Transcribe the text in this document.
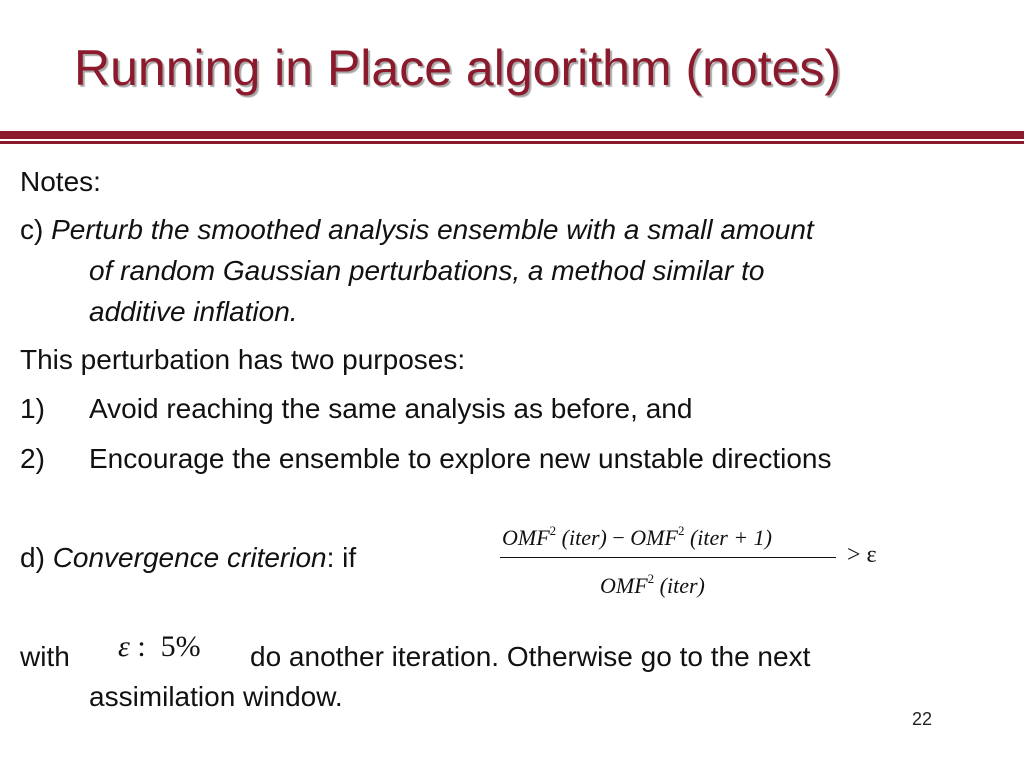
Running in Place algorithm (notes)
Notes:
c) Perturb the smoothed analysis ensemble with a small amount
of random Gaussian perturbations, a method similar to
additive inflation.
This perturbation has two purposes:
1) Avoid reaching the same analysis as before, and
2) Encourage the ensemble to explore new unstable directions
d) Convergence criterion: if
OMF$^2$ (iter) − $OMF^2$ (iter + 1)
OMF$^2$ (iter)
> ε
with ε : 5% do another iteration. Otherwise go to the next
assimilation window.
22
